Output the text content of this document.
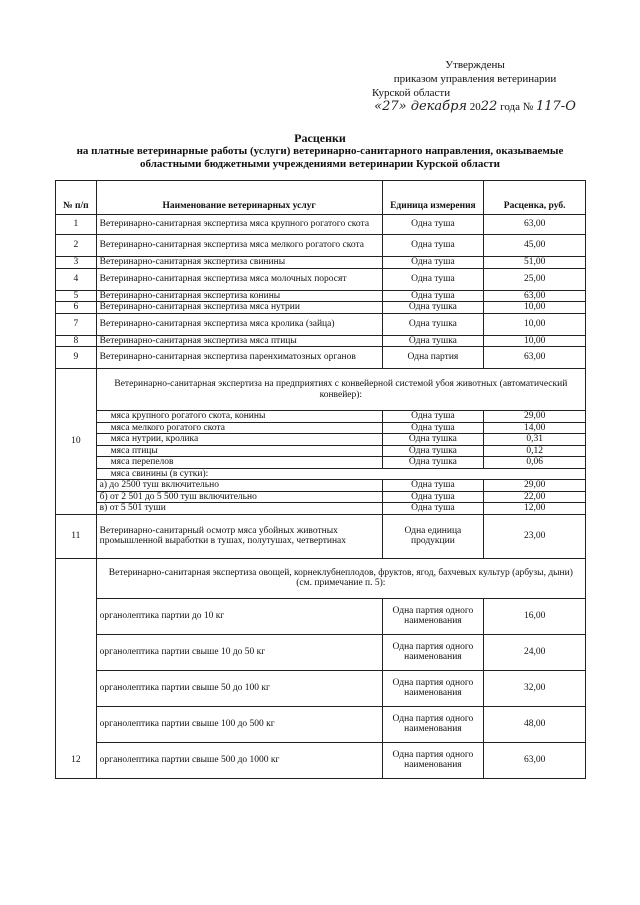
Утверждены
приказом управления ветеринарии
Курской области
«27» декабря 2022 года № 117-О
Расценки
на платные ветеринарные работы (услуги) ветеринарно-санитарного направления, оказываемые
областными бюджетными учреждениями ветеринарии Курской области
№ п/п	Наименование ветеринарных услуг	Единица измерения	Расценка, руб.
1	Ветеринарно-санитарная экспертиза мяса крупного рогатого скота	Одна туша	63,00
2	Ветеринарно-санитарная экспертиза мяса мелкого рогатого скота	Одна туша	45,00
3	Ветеринарно-санитарная экспертиза свинины	Одна туша	51,00
4	Ветеринарно-санитарная экспертиза мяса молочных поросят	Одна туша	25,00
5	Ветеринарно-санитарная экспертиза конины	Одна туша	63,00
6	Ветеринарно-санитарная экспертиза мяса нутрии	Одна тушка	10,00
7	Ветеринарно-санитарная экспертиза мяса кролика (зайца)	Одна тушка	10,00
8	Ветеринарно-санитарная экспертиза мяса птицы	Одна тушка	10,00
9	Ветеринарно-санитарная экспертиза паренхиматозных органов	Одна партия	63,00
10	Ветеринарно-санитарная экспертиза на предприятиях с конвейерной системой убоя животных (автоматический конвейер):		
	мяса крупного рогатого скота, конины	Одна туша	29,00
	мяса мелкого рогатого скота	Одна туша	14,00
	мяса нутрии, кролика	Одна тушка	0,31
	мяса птицы	Одна тушка	0,12
	мяса перепелов	Одна тушка	0,06
	мяса свинины (в сутки):		
	а) до 2500 туш включительно	Одна туша	29,00
	б) от 2 501 до 5 500 туш включительно	Одна туша	22,00
	в) от 5 501 туши	Одна туша	12,00
11	Ветеринарно-санитарный осмотр мяса убойных животных промышленной выработки в тушах, полутушах, четвертинах	Одна единица продукции	23,00
12	Ветеринарно-санитарная экспертиза овощей, корнеклубнеплодов, фруктов, ягод, бахчевых культур (арбузы, дыни) (см. примечание п. 5):		
	органолептика партии до 10 кг	Одна партия одного наименования	16,00
	органолептика партии свыше 10 до 50 кг	Одна партия одного наименования	24,00
	органолептика партии свыше 50 до 100 кг	Одна партия одного наименования	32,00
	органолептика партии свыше 100 до 500 кг	Одна партия одного наименования	48,00
	органолептика партии свыше 500 до 1000 кг	Одна партия одного наименования	63,00
